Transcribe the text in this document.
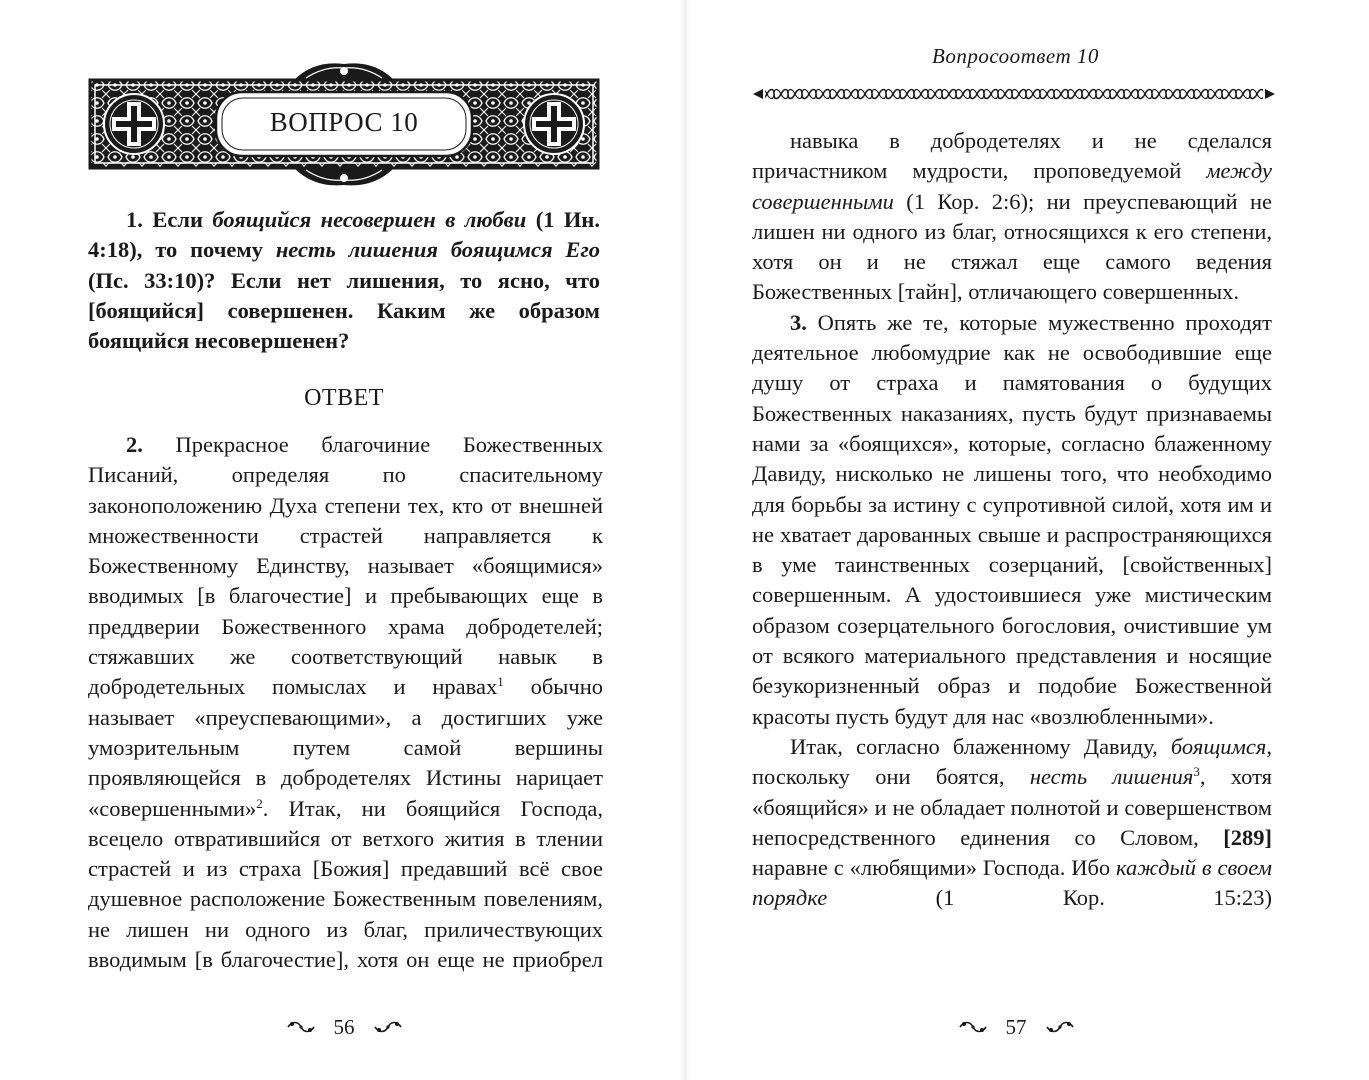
ВОПРОС 10

1. Если боящийся несовершен в любви (1 Ин. 4:18), то почему несть лишения боящимся Его (Пс. 33:10)? Если нет лишения, то ясно, что [боящийся] совершенен. Каким же образом боящийся несовершенен?

ОТВЕТ

2. Прекрасное благочиние Божественных Писаний, определяя по спасительному законоположению Духа степени тех, кто от внешней множественности страстей направляется к Божественному Единству, называет «боящимися» вводимых [в благочестие] и пребывающих еще в преддверии Божественного храма добродетелей; стяжавших же соответствующий навык в добродетельных помыслах и нравах$^1$ обычно называет «преуспевающими», а достигших уже умозрительным путем самой вершины проявляющейся в добродетелях Истины нарицает «совершенными»$^2$. Итак, ни боящийся Господа, всецело отвратившийся от ветхого жития в тлении страстей и из страха [Божия] предавший всё свое душевное расположение Божественным повелениям, не лишен ни одного из благ, приличествующих вводимым [в благочестие], хотя он еще не приобрел

56
Вопросоответ 10

навыка в добродетелях и не сделался причастником мудрости, проповедуемой между совершенными (1 Кор. 2:6); ни преуспевающий не лишен ни одного из благ, относящихся к его степени, хотя он и не стяжал еще самого ведения Божественных [тайн], отличающего совершенных.

3. Опять же те, которые мужественно проходят деятельное любомудрие как не освободившие еще душу от страха и памятования о будущих Божественных наказаниях, пусть будут признаваемы нами за «боящихся», которые, согласно блаженному Давиду, нисколько не лишены того, что необходимо для борьбы за истину с супротивной силой, хотя им и не хватает дарованных свыше и распространяющихся в уме таинственных созерцаний, [свойственных] совершенным. А удостоившиеся уже мистическим образом созерцательного богословия, очистившие ум от всякого материального представления и носящие безукоризненный образ и подобие Божественной красоты пусть будут для нас «возлюбленными».

Итак, согласно блаженному Давиду, боящимся, поскольку они боятся, несть лишения$^3$, хотя «боящийся» и не обладает полнотой и совершенством непосредственного единения со Словом, [289] наравне с «любящими» Господа. Ибо каждый в своем порядке (1 Кор. 15:23)

57
